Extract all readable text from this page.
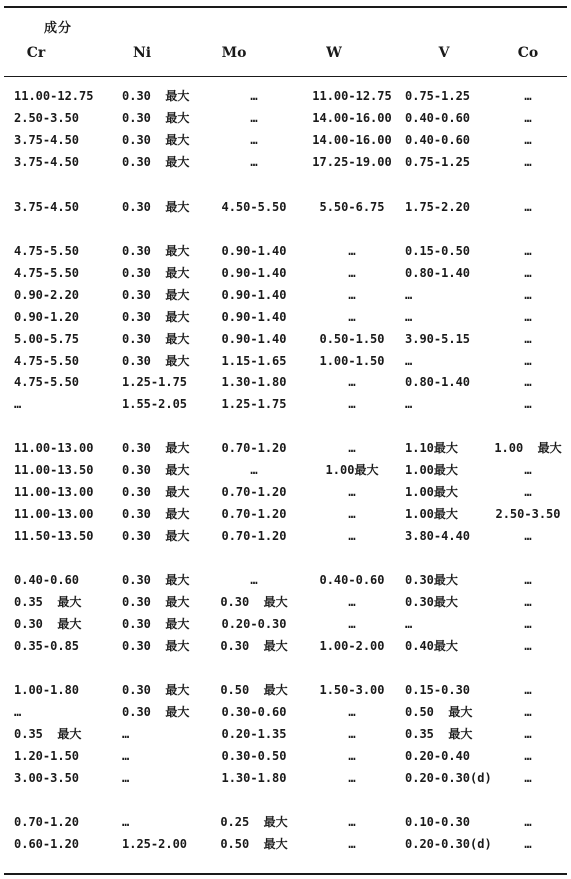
成分
Cr	Ni	Mo	W	V	Co
11.00-12.75	0.30  最大	…	11.00-12.75	0.75-1.25	…
2.50-3.50	0.30  最大	…	14.00-16.00	0.40-0.60	…
3.75-4.50	0.30  最大	…	14.00-16.00	0.40-0.60	…
3.75-4.50	0.30  最大	…	17.25-19.00	0.75-1.25	…
3.75-4.50	0.30  最大	4.50-5.50	5.50-6.75	1.75-2.20	…
4.75-5.50	0.30  最大	0.90-1.40	…	0.15-0.50	…
4.75-5.50	0.30  最大	0.90-1.40	…	0.80-1.40	…
0.90-2.20	0.30  最大	0.90-1.40	…	…	…
0.90-1.20	0.30  最大	0.90-1.40	…	…	…
5.00-5.75	0.30  最大	0.90-1.40	0.50-1.50	3.90-5.15	…
4.75-5.50	0.30  最大	1.15-1.65	1.00-1.50	…	…
4.75-5.50	1.25-1.75	1.30-1.80	…	0.80-1.40	…
…	1.55-2.05	1.25-1.75	…	…	…
11.00-13.00	0.30  最大	0.70-1.20	…	1.10最大	1.00  最大
11.00-13.50	0.30  最大	…	1.00最大	1.00最大	…
11.00-13.00	0.30  最大	0.70-1.20	…	1.00最大	…
11.00-13.00	0.30  最大	0.70-1.20	…	1.00最大	2.50-3.50
11.50-13.50	0.30  最大	0.70-1.20	…	3.80-4.40	…
0.40-0.60	0.30  最大	…	0.40-0.60	0.30最大	…
0.35  最大	0.30  最大	0.30  最大	…	0.30最大	…
0.30  最大	0.30  最大	0.20-0.30	…	…	…
0.35-0.85	0.30  最大	0.30  最大	1.00-2.00	0.40最大	…
1.00-1.80	0.30  最大	0.50  最大	1.50-3.00	0.15-0.30	…
…	0.30  最大	0.30-0.60	…	0.50  最大	…
0.35  最大	…	0.20-1.35	…	0.35  最大	…
1.20-1.50	…	0.30-0.50	…	0.20-0.40	…
3.00-3.50	…	1.30-1.80	…	0.20-0.30(d)	…
0.70-1.20	…	0.25  最大	…	0.10-0.30	…
0.60-1.20	1.25-2.00	0.50  最大	…	0.20-0.30(d)	…
